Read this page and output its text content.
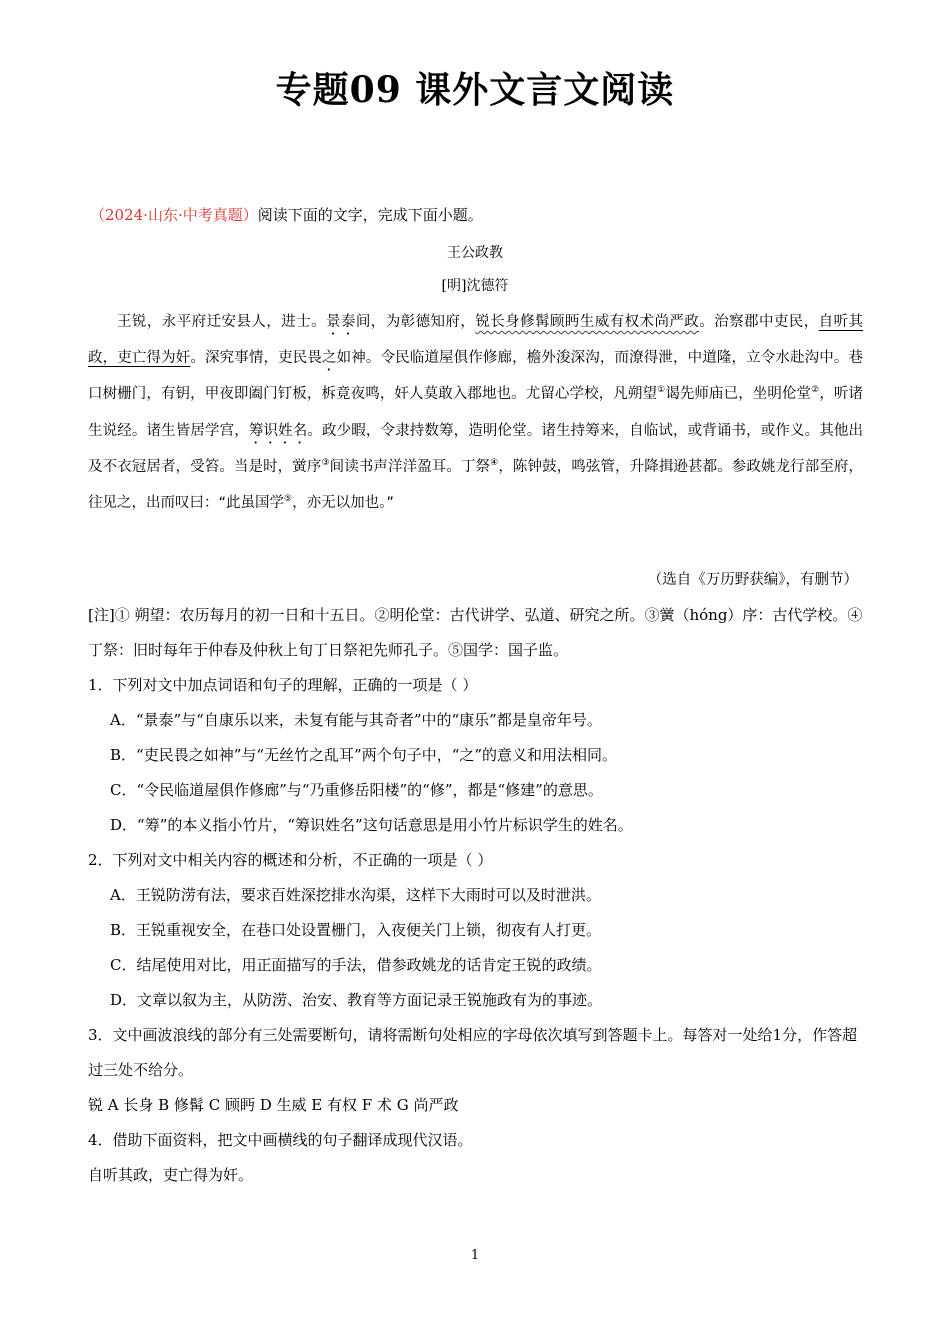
专题09 课外文言文阅读
（2024·山东·中考真题）阅读下面的文字，完成下面小题。
王公政教
[明]沈德符

王锐，永平府迁安县人，进士。景泰间，为彰德知府，锐长身修髯顾眄生威有权术尚严政。治察郡中吏民，自听其政，吏亡得为奸。深究事情，吏民畏之如神。令民临道屋俱作修廊，檐外浚深沟，而潦得泄，中道隆，立令水赴沟中。巷口树栅门，有钥，甲夜即阖门钉板，柝竟夜鸣，奸人莫敢入郡地也。尤留心学校，凡朔望①谒先师庙已，坐明伦堂②，听诸生说经。诸生皆居学宫，筹识姓名。政少暇，令隶持数筹，造明伦堂。诸生持筹来，自临试，或背诵书，或作义。其他出及不衣冠居者，受笞。当是时，黉序③间读书声洋洋盈耳。丁祭④，陈钟鼓，鸣弦管，升降揖逊甚都。参政姚龙行部至府，往见之，出而叹曰：“此虽国学⑤，亦无以加也。”

（选自《万历野获编》，有删节）
[注]① 朔望：农历每月的初一日和十五日。②明伦堂：古代讲学、弘道、研究之所。③黉（hóng）序：古代学校。④丁祭：旧时每年于仲春及仲秋上旬丁日祭祀先师孔子。⑤国学：国子监。
1．下列对文中加点词语和句子的理解，正确的一项是（ ）
A．“景泰”与“自康乐以来，未复有能与其奇者”中的“康乐”都是皇帝年号。
B．“吏民畏之如神”与“无丝竹之乱耳”两个句子中，“之”的意义和用法相同。
C．“令民临道屋俱作修廊”与“乃重修岳阳楼”的“修”，都是“修建”的意思。
D．“筹”的本义指小竹片，“筹识姓名”这句话意思是用小竹片标识学生的姓名。
2．下列对文中相关内容的概述和分析，不正确的一项是（ ）
A．王锐防涝有法，要求百姓深挖排水沟渠，这样下大雨时可以及时泄洪。
B．王锐重视安全，在巷口处设置栅门，入夜便关门上锁，彻夜有人打更。
C．结尾使用对比，用正面描写的手法，借参政姚龙的话肯定王锐的政绩。
D．文章以叙为主，从防涝、治安、教育等方面记录王锐施政有为的事迹。
3．文中画波浪线的部分有三处需要断句，请将需断句处相应的字母依次填写到答题卡上。每答对一处给1分，作答超过三处不给分。
锐 A 长身 B 修髯 C 顾眄 D 生威 E 有权 F 术 G 尚严政
4．借助下面资料，把文中画横线的句子翻译成现代汉语。
自听其政，吏亡得为奸。
1
